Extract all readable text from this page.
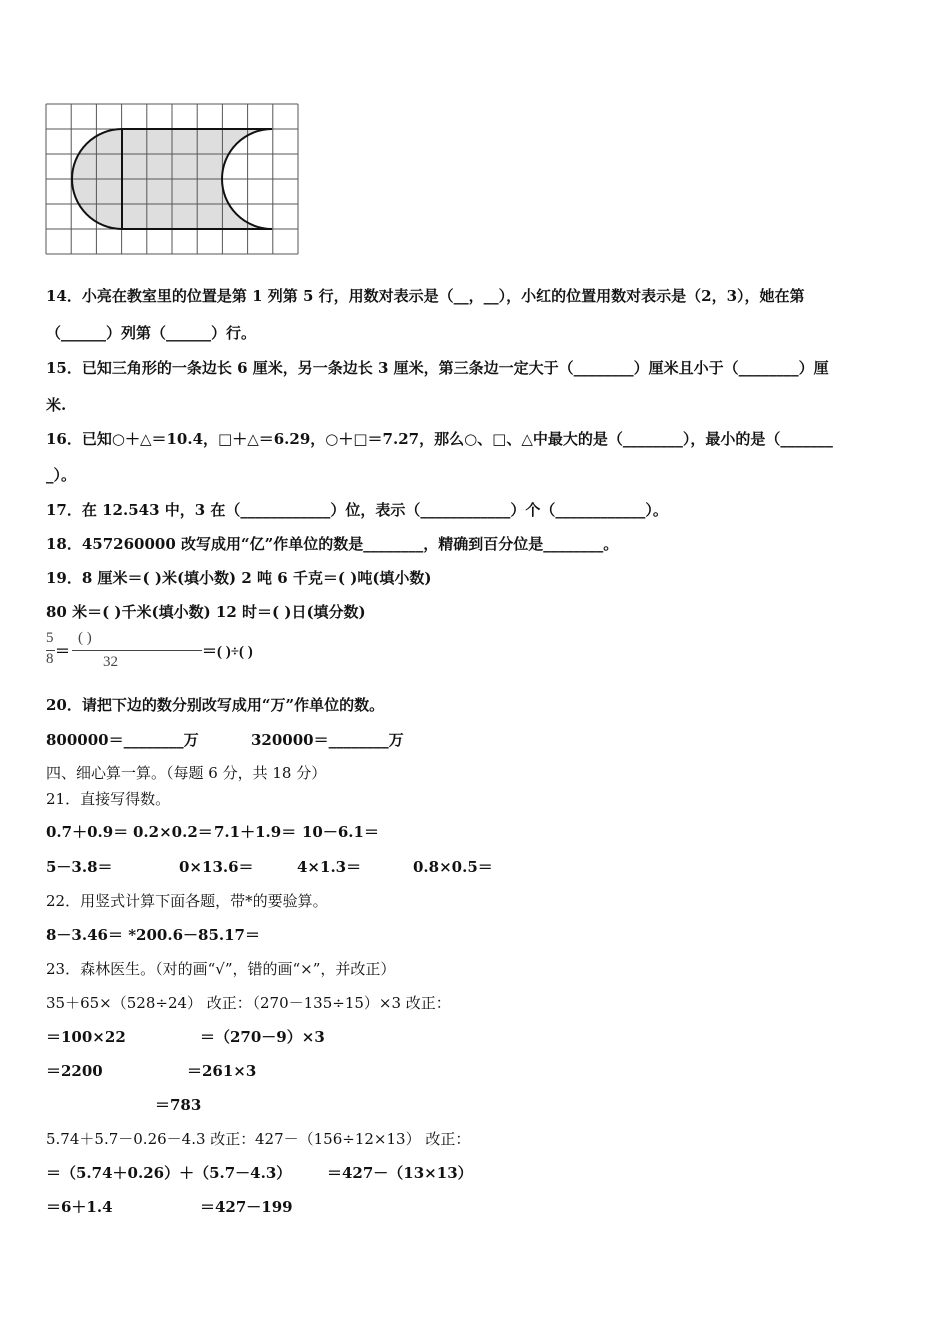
14．小亮在教室里的位置是第 1 列第 5 行，用数对表示是（__，__），小红的位置用数对表示是（2，3），她在第
（______）列第（______）行。
15．已知三角形的一条边长 6 厘米，另一条边长 3 厘米，第三条边一定大于（________）厘米且小于（________）厘
米.
16．已知○＋△＝10.4，□＋△＝6.29，○＋□＝7.27，那么○、□、△中最大的是（________），最小的是（_______
_）。
17．在 12.543 中，3 在（____________）位，表示（____________）个（____________）。
18．457260000 改写成用“亿”作单位的数是________，精确到百分位是________。
19．8 厘米＝( )米(填小数) 2 吨 6 千克＝( )吨(填小数)
80 米＝( )千米(填小数) 12 时＝( )日(填分数)
5
8 ＝
( )
32
＝( )÷( )
20．请把下边的数分别改写成用“万”作单位的数。
800000＝________万	320000＝________万
四、细心算一算。（每题 6 分，共 18 分）
21．直接写得数。
0.7＋0.9＝ 0.2×0.2＝ 7.1＋1.9＝ 10－6.1＝
5－3.8＝	0×13.6＝	4×1.3＝	0.8×0.5＝
22．用竖式计算下面各题，带*的要验算。
8－3.46＝ *200.6－85.17＝
23．森林医生。（对的画“√”，错的画“×”，并改正）
35＋65×（528÷24） 改正：
（270－135÷15）×3 改正：
＝100×22	＝（270－9）×3
＝2200	＝261×3
＝783
5.74＋5.7－0.26－4.3 改正： 427－（156÷12×13） 改正：
＝（5.74＋0.26）＋（5.7－4.3） ＝427－（13×13）
＝6＋1.4	＝427－199
